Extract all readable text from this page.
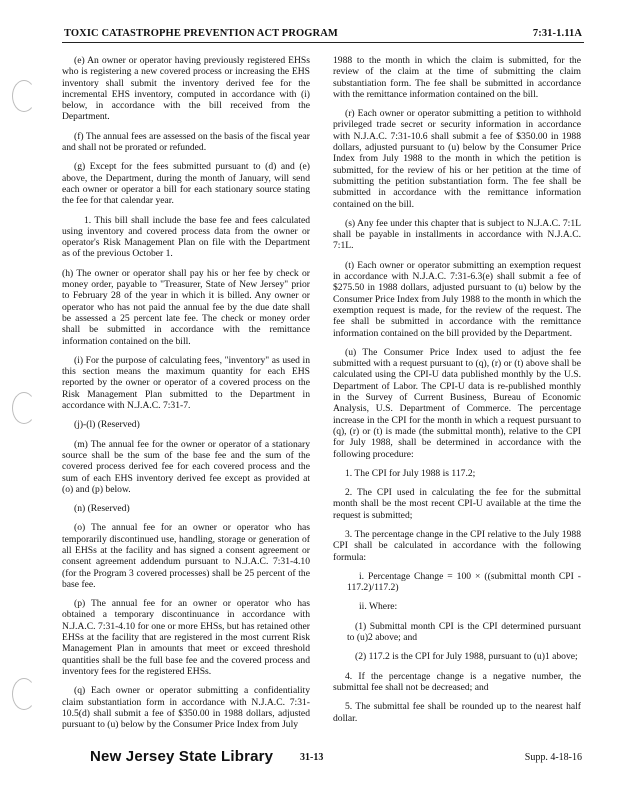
TOXIC CATASTROPHE PREVENTION ACT PROGRAM	7:31-1.11A

(e) An owner or operator having previously registered EHSs who is registering a new covered process or increasing the EHS inventory shall submit the inventory derived fee for the incremental EHS inventory, computed in accordance with (i) below, in accordance with the bill received from the Department.

(f) The annual fees are assessed on the basis of the fiscal year and shall not be prorated or refunded.

(g) Except for the fees submitted pursuant to (d) and (e) above, the Department, during the month of January, will send each owner or operator a bill for each stationary source stating the fee for that calendar year.

1. This bill shall include the base fee and fees calculated using inventory and covered process data from the owner or operator's Risk Management Plan on file with the Department as of the previous October 1.

(h) The owner or operator shall pay his or her fee by check or money order, payable to "Treasurer, State of New Jersey" prior to February 28 of the year in which it is billed. Any owner or operator who has not paid the annual fee by the due date shall be assessed a 25 percent late fee. The check or money order shall be submitted in accordance with the remittance information contained on the bill.

(i) For the purpose of calculating fees, "inventory" as used in this section means the maximum quantity for each EHS reported by the owner or operator of a covered process on the Risk Management Plan submitted to the Department in accordance with N.J.A.C. 7:31-7.

(j)-(l) (Reserved)

(m) The annual fee for the owner or operator of a stationary source shall be the sum of the base fee and the sum of the covered process derived fee for each covered process and the sum of each EHS inventory derived fee except as provided at (o) and (p) below.

(n) (Reserved)

(o) The annual fee for an owner or operator who has temporarily discontinued use, handling, storage or generation of all EHSs at the facility and has signed a consent agreement or consent agreement addendum pursuant to N.J.A.C. 7:31-4.10 (for the Program 3 covered processes) shall be 25 percent of the base fee.

(p) The annual fee for an owner or operator who has obtained a temporary discontinuance in accordance with N.J.A.C. 7:31-4.10 for one or more EHSs, but has retained other EHSs at the facility that are registered in the most current Risk Management Plan in amounts that meet or exceed threshold quantities shall be the full base fee and the covered process and inventory fees for the registered EHSs.

(q) Each owner or operator submitting a confidentiality claim substantiation form in accordance with N.J.A.C. 7:31-10.5(d) shall submit a fee of $350.00 in 1988 dollars, adjusted pursuant to (u) below by the Consumer Price Index from July

1988 to the month in which the claim is submitted, for the review of the claim at the time of submitting the claim substantiation form. The fee shall be submitted in accordance with the remittance information contained on the bill.

(r) Each owner or operator submitting a petition to withhold privileged trade secret or security information in accordance with N.J.A.C. 7:31-10.6 shall submit a fee of $350.00 in 1988 dollars, adjusted pursuant to (u) below by the Consumer Price Index from July 1988 to the month in which the petition is submitted, for the review of his or her petition at the time of submitting the petition substantiation form. The fee shall be submitted in accordance with the remittance information contained on the bill.

(s) Any fee under this chapter that is subject to N.J.A.C. 7:1L shall be payable in installments in accordance with N.J.A.C. 7:1L.

(t) Each owner or operator submitting an exemption request in accordance with N.J.A.C. 7:31-6.3(e) shall submit a fee of $275.50 in 1988 dollars, adjusted pursuant to (u) below by the Consumer Price Index from July 1988 to the month in which the exemption request is made, for the review of the request. The fee shall be submitted in accordance with the remittance information contained on the bill provided by the Department.

(u) The Consumer Price Index used to adjust the fee submitted with a request pursuant to (q), (r) or (t) above shall be calculated using the CPI-U data published monthly by the U.S. Department of Labor. The CPI-U data is re-published monthly in the Survey of Current Business, Bureau of Economic Analysis, U.S. Department of Commerce. The percentage increase in the CPI for the month in which a request pursuant to (q), (r) or (t) is made (the submittal month), relative to the CPI for July 1988, shall be determined in accordance with the following procedure:

1. The CPI for July 1988 is 117.2;

2. The CPI used in calculating the fee for the submittal month shall be the most recent CPI-U available at the time the request is submitted;

3. The percentage change in the CPI relative to the July 1988 CPI shall be calculated in accordance with the following formula:

i. Percentage Change = 100 × ((submittal month CPI - 117.2)/117.2)

ii. Where:

(1) Submittal month CPI is the CPI determined pursuant to (u)2 above; and

(2) 117.2 is the CPI for July 1988, pursuant to (u)1 above;

4. If the percentage change is a negative number, the submittal fee shall not be decreased; and

5. The submittal fee shall be rounded up to the nearest half dollar.

New Jersey State Library	31-13	Supp. 4-18-16
